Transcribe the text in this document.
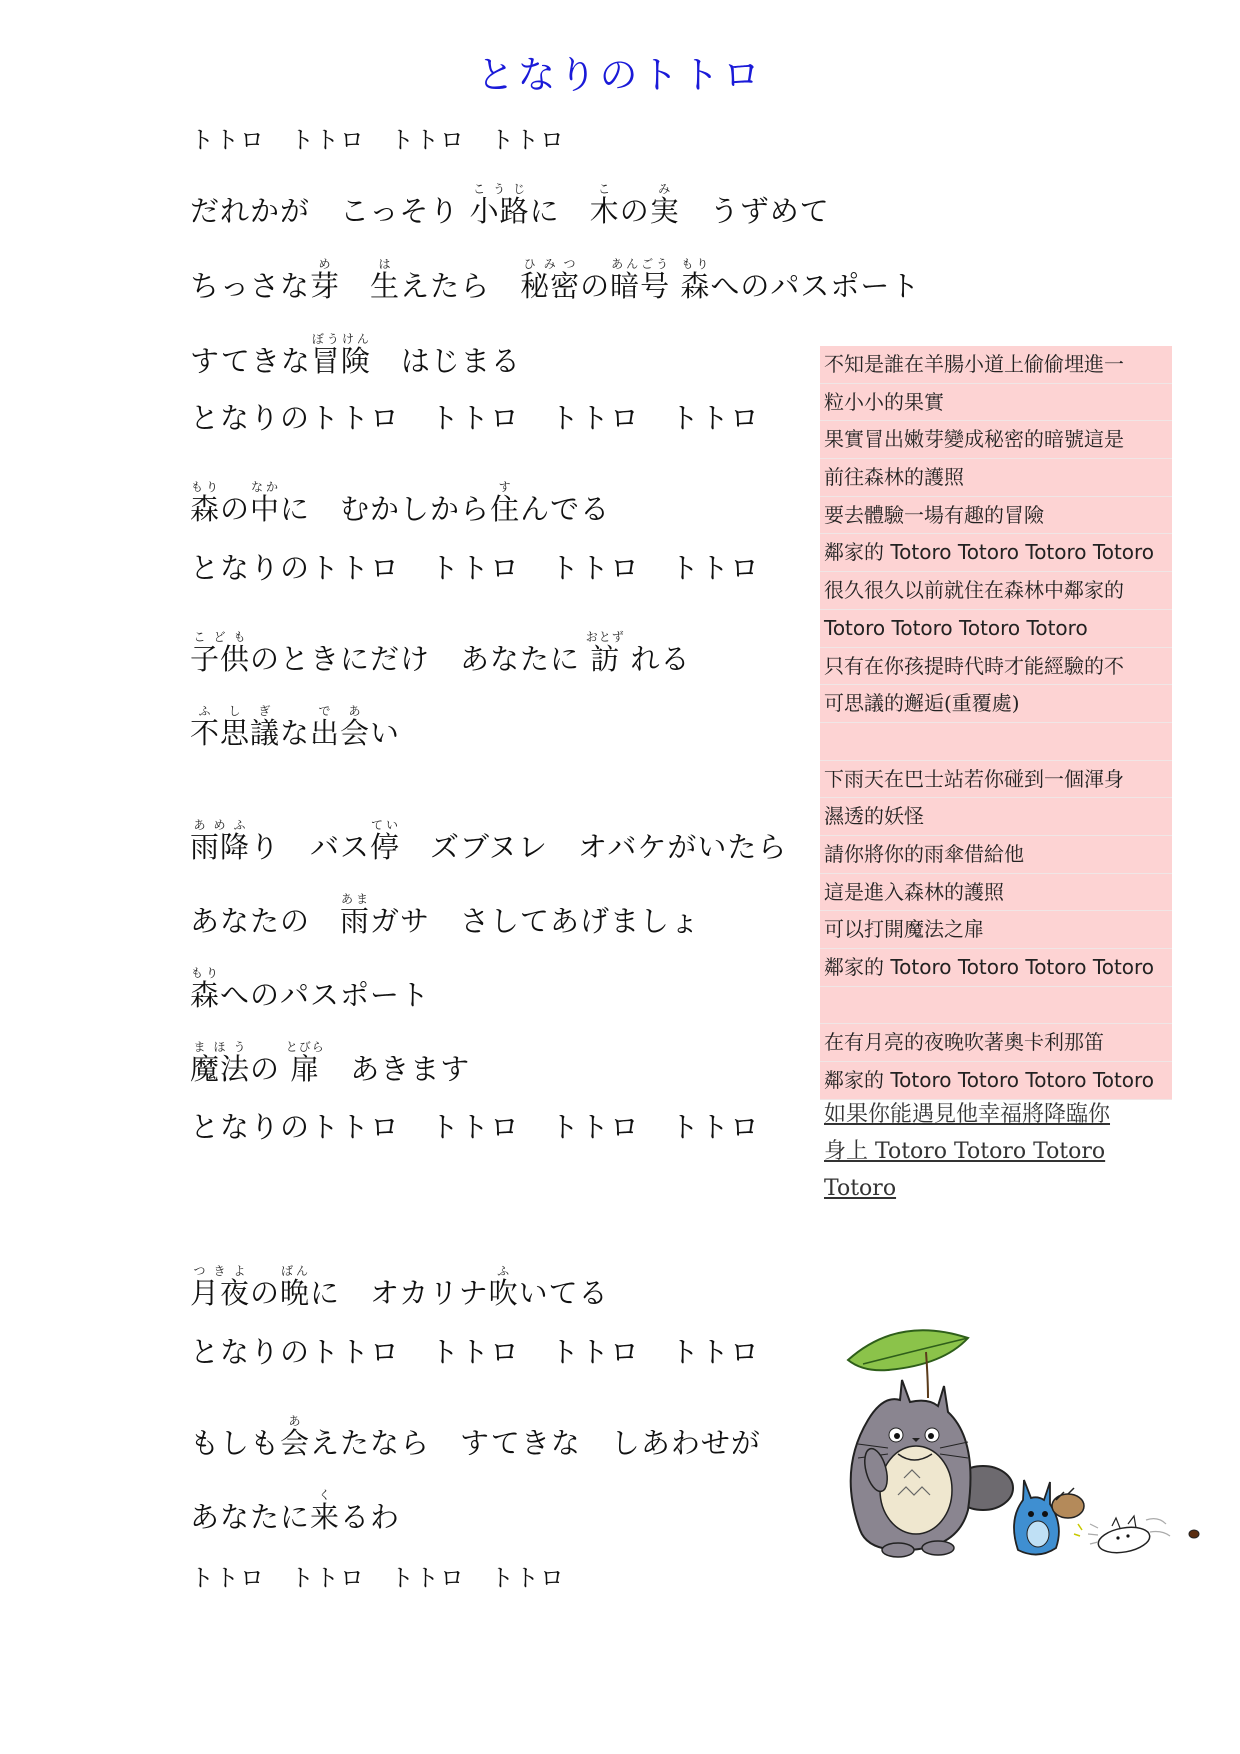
となりのトトロ
トトロ　トトロ　トトロ　トトロ
だれかが　こっそり 小路こうじに　木この実み　うずめて
ちっさな芽め　生はえたら　秘密ひみつの暗号あんごう 森もりへのパスポート
すてきな冒険ぼうけん　はじまる
となりのトトロ　トトロ　トトロ　トトロ
森もりの中なかに　むかしから住すんでる
となりのトトロ　トトロ　トトロ　トトロ
子供こどものときにだけ　あなたに 訪おとず れる
不思議ふしぎな出会であい
雨降あめふり　バス停てい　ズブヌレ　オバケがいたら
あなたの　雨あまガサ　さしてあげましょ
森もりへのパスポート
魔法まほうの 扉とびら　あきます
となりのトトロ　トトロ　トトロ　トトロ
月夜つきよの晩ばんに　オカリナ吹ふいてる
となりのトトロ　トトロ　トトロ　トトロ
もしも会あえたなら　すてきな　しあわせが
あなたに来くるわ
トトロ　トトロ　トトロ　トトロ
不知是誰在羊腸小道上偷偷埋進一
粒小小的果實
果實冒出嫩芽變成秘密的暗號這是
前往森林的護照
要去體驗一場有趣的冒險
鄰家的 Totoro Totoro Totoro Totoro
很久很久以前就住在森林中鄰家的
Totoro Totoro Totoro Totoro
只有在你孩提時代時才能經驗的不
可思議的邂逅(重覆處)
下雨天在巴士站若你碰到一個渾身
濕透的妖怪
請你將你的雨傘借給他
這是進入森林的護照
可以打開魔法之扉
鄰家的 Totoro Totoro Totoro Totoro
在有月亮的夜晚吹著奧卡利那笛
鄰家的 Totoro Totoro Totoro Totoro
如果你能遇見他幸福將降臨你
身上 Totoro Totoro Totoro Totoro
